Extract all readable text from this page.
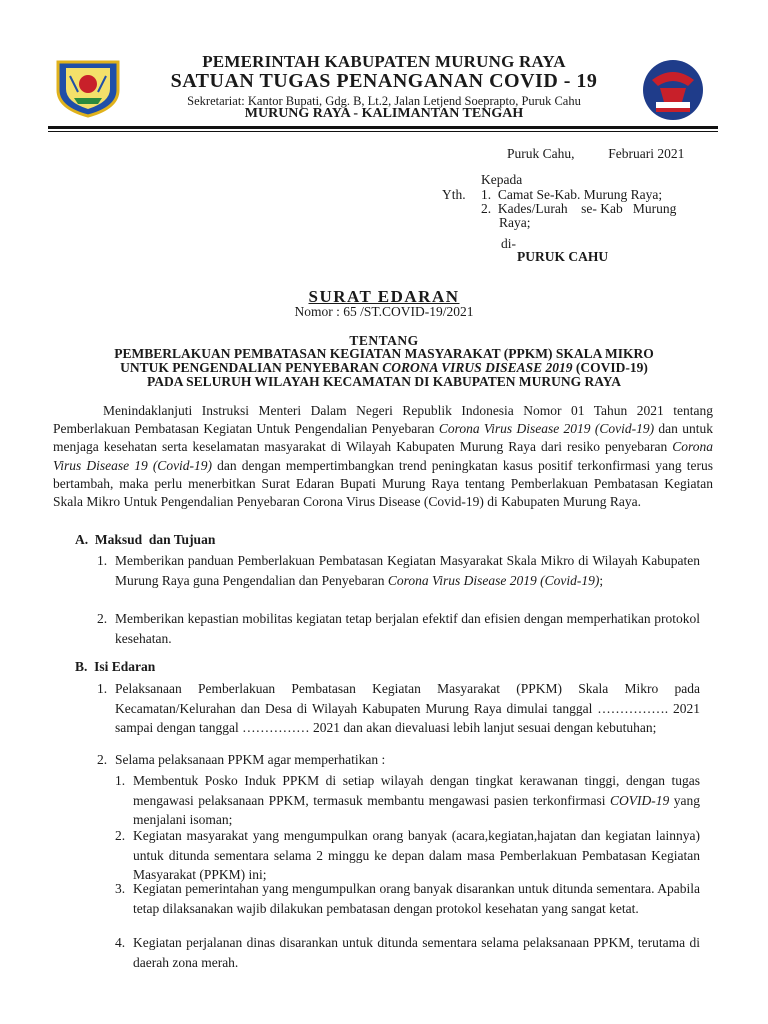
PEMERINTAH KABUPATEN MURUNG RAYA
SATUAN TUGAS PENANGANAN COVID - 19
Sekretariat: Kantor Bupati, Gdg. B, Lt.2, Jalan Letjend Soeprapto, Puruk Cahu
MURUNG RAYA - KALIMANTAN TENGAH
Puruk Cahu,          Februari 2021
Kepada
Yth. 1.  Camat Se-Kab. Murung Raya;
2.  Kades/Lurah    se- Kab   Murung
Raya;
di-
PURUK CAHU
SURAT EDARAN
Nomor : 65 /ST.COVID-19/2021
TENTANG
PEMBERLAKUAN PEMBATASAN KEGIATAN MASYARAKAT (PPKM) SKALA MIKRO
UNTUK PENGENDALIAN PENYEBARAN CORONA VIRUS DISEASE 2019 (COVID-19)
PADA SELURUH WILAYAH KECAMATAN DI KABUPATEN MURUNG RAYA
Menindaklanjuti Instruksi Menteri Dalam Negeri Republik Indonesia Nomor 01 Tahun 2021 tentang Pemberlakuan Pembatasan Kegiatan Untuk Pengendalian Penyebaran Corona Virus Disease 2019 (Covid-19) dan untuk menjaga kesehatan serta keselamatan masyarakat di Wilayah Kabupaten Murung Raya dari resiko penyebaran Corona Virus Disease 19 (Covid-19) dan dengan mempertimbangkan trend peningkatan kasus positif terkonfirmasi yang terus bertambah, maka perlu menerbitkan Surat Edaran Bupati Murung Raya tentang Pemberlakuan Pembatasan Kegiatan Skala Mikro Untuk Pengendalian Penyebaran Corona Virus Disease (Covid-19) di Kabupaten Murung Raya.
A.  Maksud  dan Tujuan
1. Memberikan panduan Pemberlakuan Pembatasan Kegiatan Masyarakat Skala Mikro di Wilayah Kabupaten Murung Raya guna Pengendalian dan Penyebaran Corona Virus Disease 2019 (Covid-19);
2. Memberikan kepastian mobilitas kegiatan tetap berjalan efektif dan efisien dengan memperhatikan protokol kesehatan.
B.  Isi Edaran
1. Pelaksanaan Pemberlakuan Pembatasan Kegiatan Masyarakat (PPKM) Skala Mikro pada Kecamatan/Kelurahan dan Desa di Wilayah Kabupaten Murung Raya dimulai tanggal ……………. 2021 sampai dengan tanggal …………… 2021 dan akan dievaluasi lebih lanjut sesuai dengan kebutuhan;
2. Selama pelaksanaan PPKM agar memperhatikan :
1. Membentuk Posko Induk PPKM di setiap wilayah dengan tingkat kerawanan tinggi, dengan tugas mengawasi pelaksanaan PPKM, termasuk membantu mengawasi pasien terkonfirmasi COVID-19 yang menjalani isoman;
2. Kegiatan masyarakat yang mengumpulkan orang banyak (acara,kegiatan,hajatan dan kegiatan lainnya) untuk ditunda sementara selama 2 minggu ke depan dalam masa Pemberlakuan Pembatasan Kegiatan Masyarakat (PPKM) ini;
3. Kegiatan pemerintahan yang mengumpulkan orang banyak disarankan untuk ditunda sementara. Apabila tetap dilaksanakan wajib dilakukan pembatasan dengan protokol kesehatan yang sangat ketat.
4. Kegiatan perjalanan dinas disarankan untuk ditunda sementara selama pelaksanaan PPKM, terutama di daerah zona merah.
